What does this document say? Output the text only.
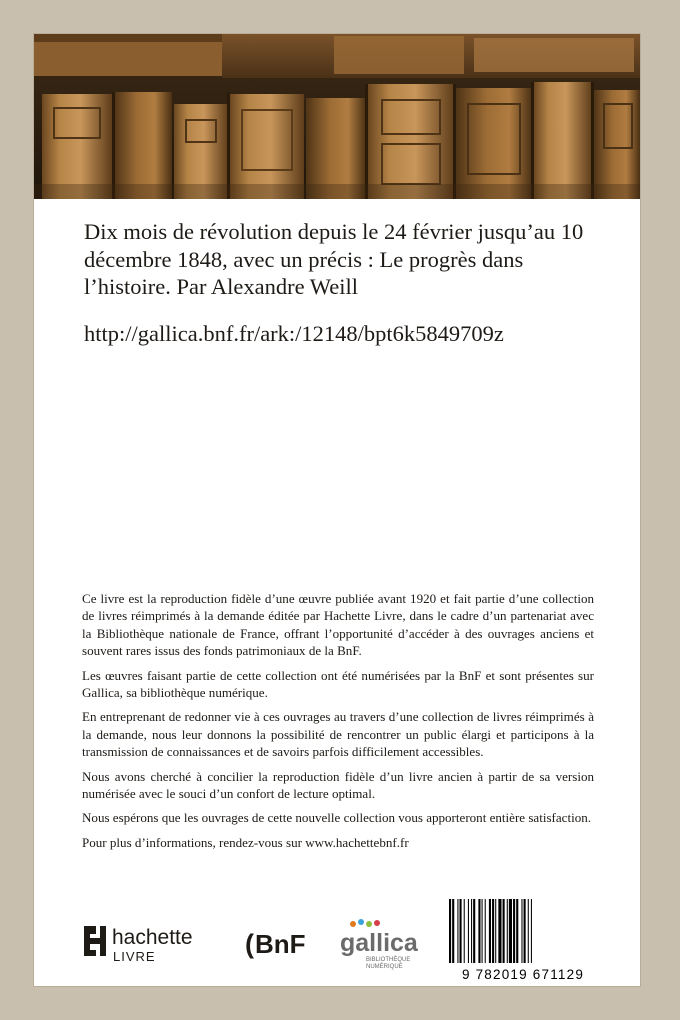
Dix mois de révolution depuis le 24 février jusqu’au 10 décembre 1848, avec un précis : Le progrès dans l’histoire. Par Alexandre Weill

http://gallica.bnf.fr/ark:/12148/bpt6k5849709z

Ce livre est la reproduction fidèle d’une œuvre publiée avant 1920 et fait partie d’une collection de livres réimprimés à la demande éditée par Hachette Livre, dans le cadre d’un partenariat avec la Bibliothèque nationale de France, offrant l’opportunité d’accéder à des ouvrages anciens et souvent rares issus des fonds patrimoniaux de la BnF.

Les œuvres faisant partie de cette collection ont été numérisées par la BnF et sont présentes sur Gallica, sa bibliothèque numérique.

En entreprenant de redonner vie à ces ouvrages au travers d’une collection de livres réimprimés à la demande, nous leur donnons la possibilité de rencontrer un public élargi et participons à la transmission de connaissances et de savoirs parfois difficilement accessibles.

Nous avons cherché à concilier la reproduction fidèle d’un livre ancien à partir de sa version numérisée avec le souci d’un confort de lecture optimal.

Nous espérons que les ouvrages de cette nouvelle collection vous apporteront entière satisfaction.

Pour plus d’informations, rendez-vous sur www.hachettebnf.fr

hachette
LIVRE	( BnF gallica
BIBLIOTHÈQUE
NUMÉRIQUE	9 782019 671129
